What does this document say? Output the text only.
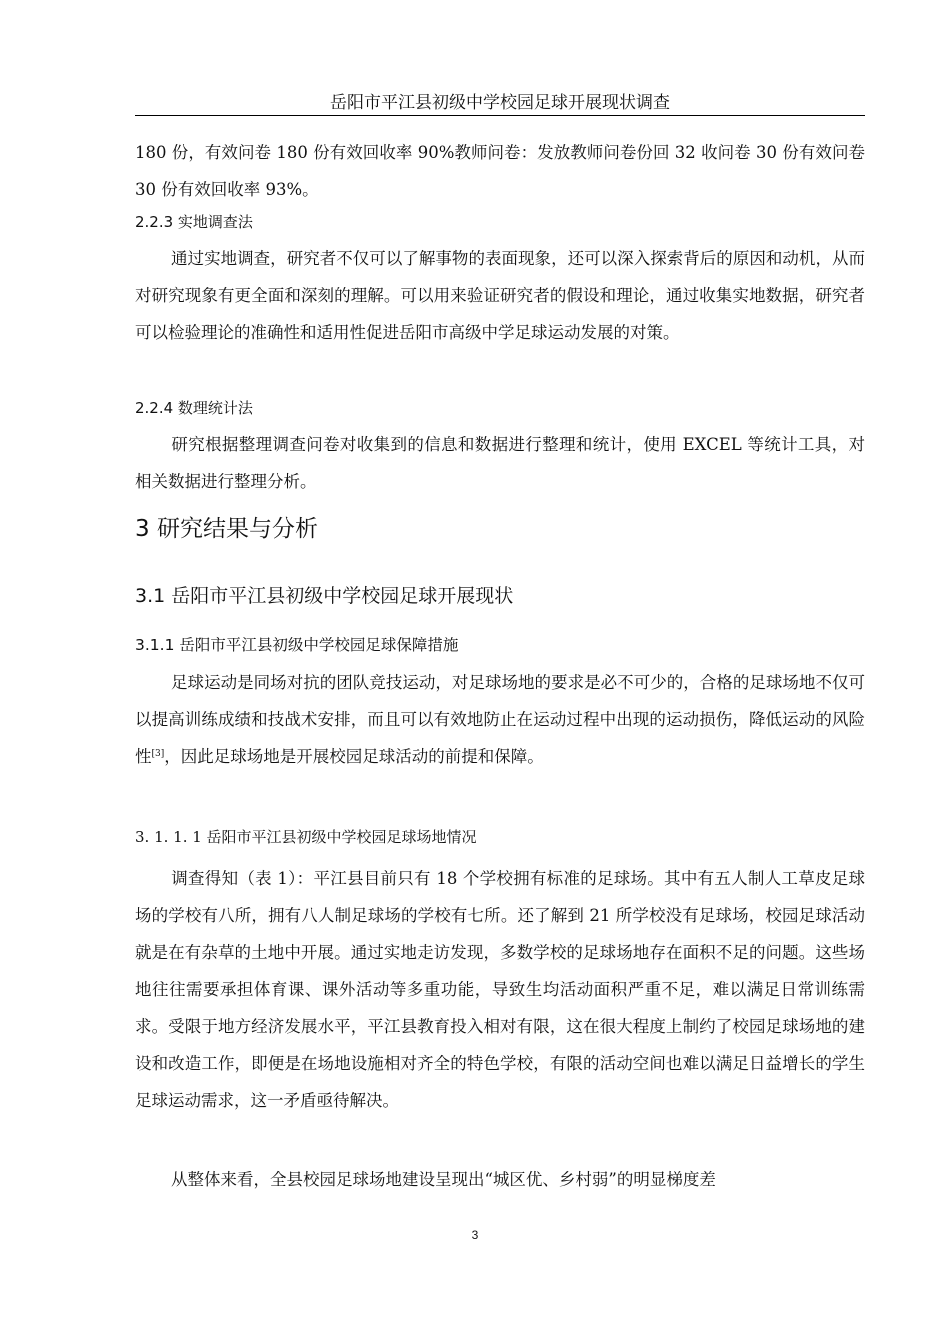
岳阳市平江县初级中学校园足球开展现状调查

180 份，有效问卷 180 份有效回收率 90%教师问卷：发放教师问卷份回 32 收问卷 30 份有效问卷 30 份有效回收率 93%。

2.2.3 实地调查法

通过实地调查，研究者不仅可以了解事物的表面现象，还可以深入探索背后的原因和动机，从而对研究现象有更全面和深刻的理解。可以用来验证研究者的假设和理论，通过收集实地数据，研究者可以检验理论的准确性和适用性促进岳阳市高级中学足球运动发展的对策。

2.2.4 数理统计法

研究根据整理调查问卷对收集到的信息和数据进行整理和统计，使用 EXCEL 等统计工具，对相关数据进行整理分析。

3 研究结果与分析
3.1 岳阳市平江县初级中学校园足球开展现状
3.1.1 岳阳市平江县初级中学校园足球保障措施

足球运动是同场对抗的团队竞技运动，对足球场地的要求是必不可少的，合格的足球场地不仅可以提高训练成绩和技战术安排，而且可以有效地防止在运动过程中出现的运动损伤，降低运动的风险性[3]，因此足球场地是开展校园足球活动的前提和保障。

3. 1. 1. 1 岳阳市平江县初级中学校园足球场地情况

调查得知（表 1）：平江县目前只有 18 个学校拥有标准的足球场。其中有五人制人工草皮足球场的学校有八所，拥有八人制足球场的学校有七所。还了解到 21 所学校没有足球场，校园足球活动就是在有杂草的土地中开展。通过实地走访发现，多数学校的足球场地存在面积不足的问题。这些场地往往需要承担体育课、课外活动等多重功能，导致生均活动面积严重不足，难以满足日常训练需求。受限于地方经济发展水平，平江县教育投入相对有限，这在很大程度上制约了校园足球场地的建设和改造工作，即便是在场地设施相对齐全的特色学校，有限的活动空间也难以满足日益增长的学生足球运动需求，这一矛盾亟待解决。

从整体来看，全县校园足球场地建设呈现出“城区优、乡村弱”的明显梯度差

3
